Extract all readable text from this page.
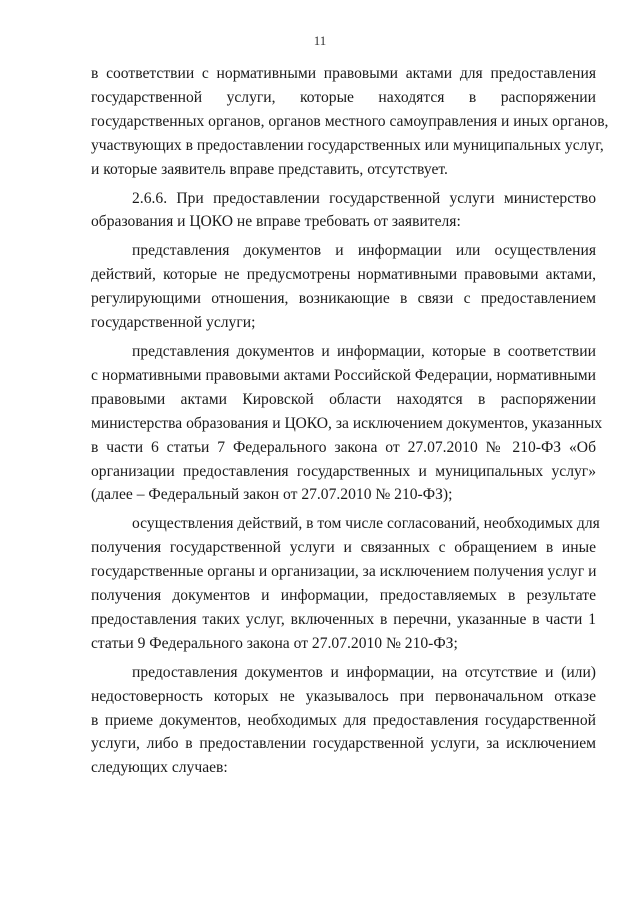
11
в соответствии с нормативными правовыми актами для предоставления
государственной услуги, которые находятся в распоряжении
государственных органов, органов местного самоуправления и иных органов,
участвующих в предоставлении государственных или муниципальных услуг,
и которые заявитель вправе представить, отсутствует.
2.6.6. При предоставлении государственной услуги министерство
образования и ЦОКО не вправе требовать от заявителя:
представления документов и информации или осуществления
действий, которые не предусмотрены нормативными правовыми актами,
регулирующими отношения, возникающие в связи с предоставлением
государственной услуги;
представления документов и информации, которые в соответствии
с нормативными правовыми актами Российской Федерации, нормативными
правовыми актами Кировской области находятся в распоряжении
министерства образования и ЦОКО, за исключением документов, указанных
в части 6 статьи 7 Федерального закона от 27.07.2010 № 210-ФЗ «Об
организации предоставления государственных и муниципальных услуг»
(далее – Федеральный закон от 27.07.2010 № 210-ФЗ);
осуществления действий, в том числе согласований, необходимых для
получения государственной услуги и связанных с обращением в иные
государственные органы и организации, за исключением получения услуг и
получения документов и информации, предоставляемых в результате
предоставления таких услуг, включенных в перечни, указанные в части 1
статьи 9 Федерального закона от 27.07.2010 № 210-ФЗ;
предоставления документов и информации, на отсутствие и (или)
недостоверность которых не указывалось при первоначальном отказе
в приеме документов, необходимых для предоставления государственной
услуги, либо в предоставлении государственной услуги, за исключением
следующих случаев:
